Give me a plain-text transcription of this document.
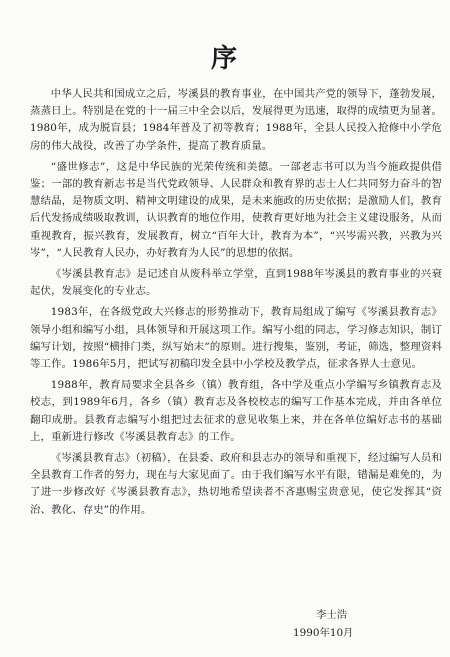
序

中华人民共和国成立之后，岑溪县的教育事业，在中国共产党的领导下，蓬勃发展，蒸蒸日上。特别是在党的十一届三中全会以后，发展得更为迅速，取得的成绩更为显著。1980年，成为脱盲县；1984年普及了初等教育；1988年，全县人民投入抢修中小学危房的伟大战役，改善了办学条件，提高了教育质量。

“盛世修志”，这是中华民族的光荣传统和美德。一部老志书可以为当今施政提供借鉴；一部的教育新志书是当代党政领导、人民群众和教育界的志士人仁共同努力奋斗的智慧结晶，是物质文明、精神文明建设的成果，是未来施政的历史依据；是激励人们，教育后代发扬成绩吸取教训，认识教育的地位作用，使教育更好地为社会主义建设服务，从而重视教育，振兴教育，发展教育，树立“百年大计，教育为本”，“兴岑需兴教，兴教为兴岑”，“人民教育人民办，办好教育为人民”的思想的依据。

《岑溪县教育志》是记述自从废科举立学堂，直到1988年岑溪县的教育事业的兴衰起伏，发展变化的专业志。

1983年，在各级党政大兴修志的形势推动下，教育局组成了编写《岑溪县教育志》领导小组和编写小组，具体领导和开展这项工作。编写小组的同志，学习修志知识，制订编写计划，按照“横排门类，纵写始末”的原则。进行搜集，鉴别，考证，筛选，整理资料等工作。1986年5月，把试写初稿印发全县中小学校及教学点，征求各界人士意见。

1988年，教育局要求全县各乡（镇）教育组，各中学及重点小学编写乡镇教育志及校志，到1989年6月，各乡（镇）教育志及各校校志的编写工作基本完成，并由各单位翻印成册。县教育志编写小组把过去征求的意见收集上来，并在各单位编好志书的基础上，重新进行修改《岑溪县教育志》的工作。

《岑溪县教育志》（初稿），在县委、政府和县志办的领导和重视下，经过编写人员和全县教育工作者的努力，现在与大家见面了。由于我们编写水平有限，错漏是难免的，为了进一步修改好《岑溪县教育志》，热切地希望读者不吝惠赐宝贵意见，使它发挥其“资治、教化、存史”的作用。

李士浩

1990年10月
